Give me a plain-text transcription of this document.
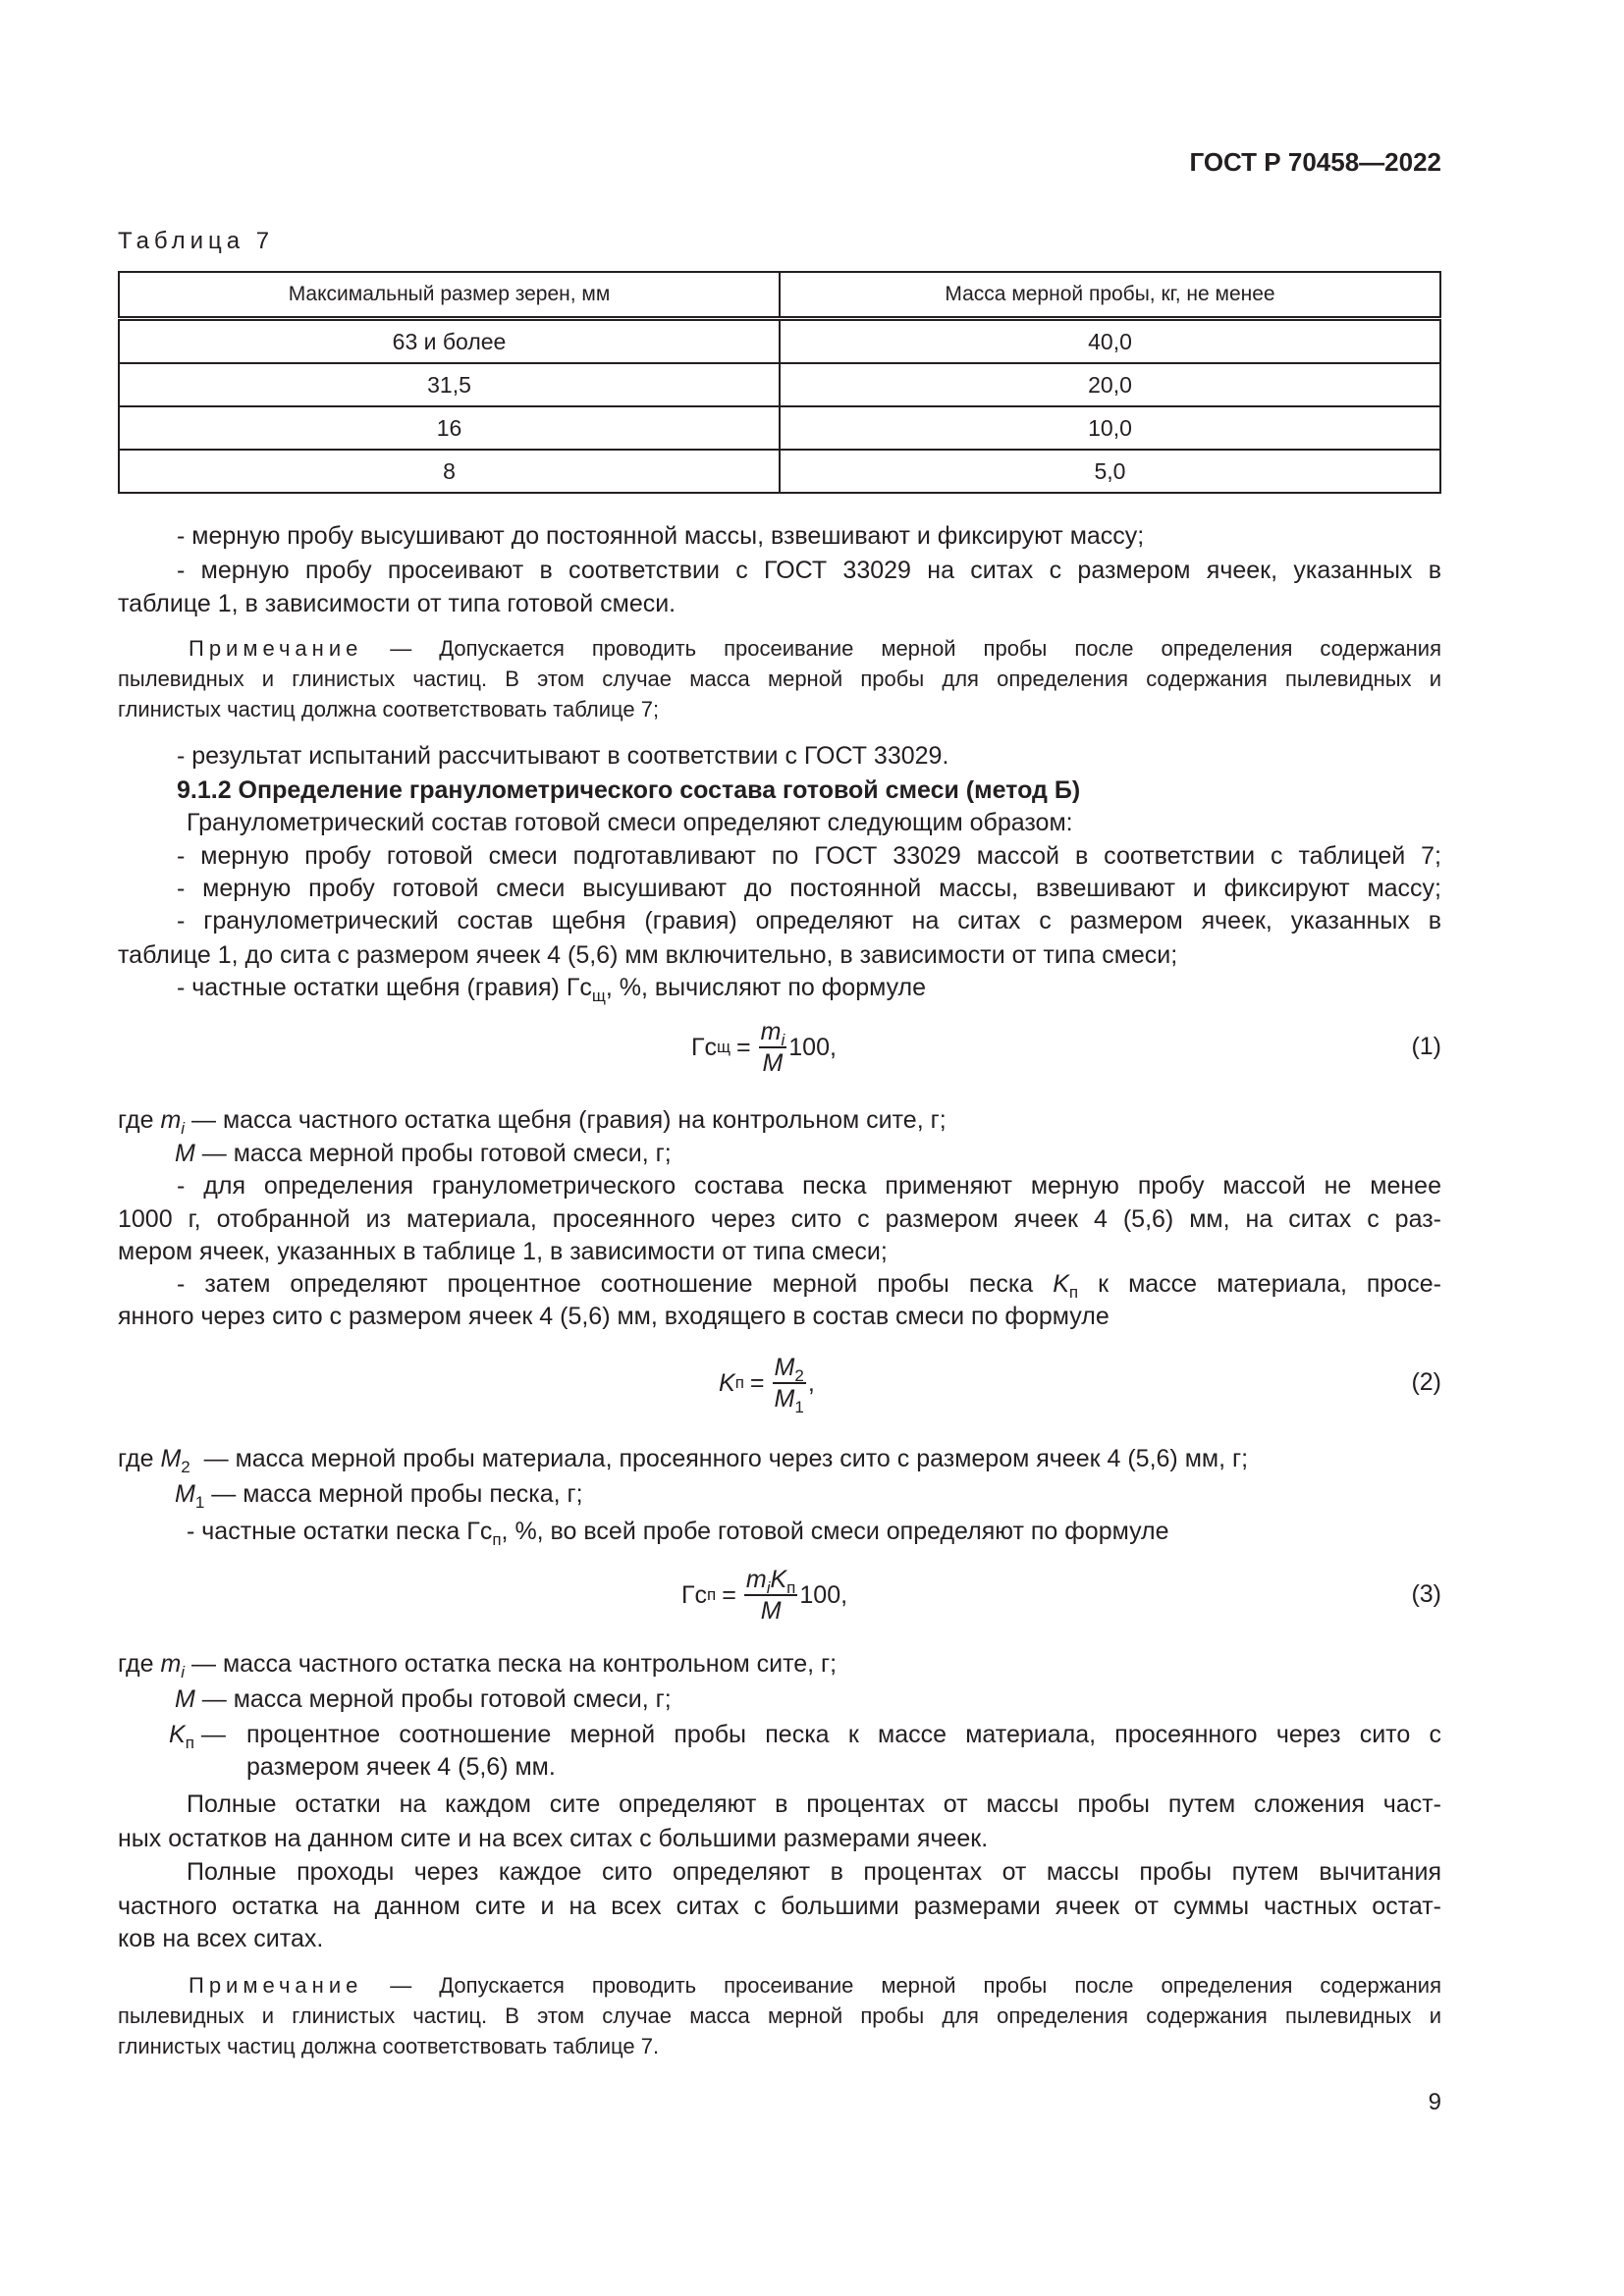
ГОСТ Р 70458—2022
Таблица 7
Максимальный размер зерен, мм	Масса мерной пробы, кг, не менее
63 и более	40,0
31,5	20,0
16	10,0
8	5,0
- мерную пробу высушивают до постоянной массы, взвешивают и фиксируют массу;
- мерную пробу просеивают в соответствии с ГОСТ 33029 на ситах с размером ячеек, указанных в
таблице 1, в зависимости от типа готовой смеси.
Примечание — Допускается проводить просеивание мерной пробы после определения содержания
пылевидных и глинистых частиц. В этом случае масса мерной пробы для определения содержания пылевидных и
глинистых частиц должна соответствовать таблице 7;
- результат испытаний рассчитывают в соответствии с ГОСТ 33029.
9.1.2 Определение гранулометрического состава готовой смеси (метод Б)
Гранулометрический состав готовой смеси определяют следующим образом:
- мерную пробу готовой смеси подготавливают по ГОСТ 33029 массой в соответствии с таблицей 7;
- мерную пробу готовой смеси высушивают до постоянной массы, взвешивают и фиксируют массу;
- гранулометрический состав щебня (гравия) определяют на ситах с размером ячеек, указанных в
таблице 1, до сита с размером ячеек 4 (5,6) мм включительно, в зависимости от типа смеси;
- частные остатки щебня (гравия) $Гс_щ$, %, вычисляют по формуле
Гс $щ = \frac{m_i}{M} 100$,	(1)
где $m_i$ — масса частного остатка щебня (гравия) на контрольном сите, г;
M — масса мерной пробы готовой смеси, г;
- для определения гранулометрического состава песка применяют мерную пробу массой не менее
1000 г, отобранной из материала, просеянного через сито с размером ячеек 4 (5,6) мм, на ситах с раз-
мером ячеек, указанных в таблице 1, в зависимости от типа смеси;
- затем определяют процентное соотношение мерной пробы песка $K_п$ к массе материала, просе-
янного через сито с размером ячеек 4 (5,6) мм, входящего в состав смеси по формуле
K $п = \frac{M_2}{M_1}$ ,	(2)
где $M_2$  — масса мерной пробы материала, просеянного через сито с размером ячеек 4 (5,6) мм, г;
$M_1$ — масса мерной пробы песка, г;
- частные остатки песка $Гс_п$, %, во всей пробе готовой смеси определяют по формуле
Гс $п = \frac{m_iK_п}{M} 100$,	(3)
где $m_i$ — масса частного остатка песка на контрольном сите, г;
M — масса мерной пробы готовой смеси, г;
$K_п$ — процентное соотношение мерной пробы песка к массе материала, просеянного через сито с
размером ячеек 4 (5,6) мм.
Полные остатки на каждом сите определяют в процентах от массы пробы путем сложения част-
ных остатков на данном сите и на всех ситах с большими размерами ячеек.
Полные проходы через каждое сито определяют в процентах от массы пробы путем вычитания
частного остатка на данном сите и на всех ситах с большими размерами ячеек от суммы частных остат-
ков на всех ситах.
Примечание — Допускается проводить просеивание мерной пробы после определения содержания
пылевидных и глинистых частиц. В этом случае масса мерной пробы для определения содержания пылевидных и
глинистых частиц должна соответствовать таблице 7.
9
